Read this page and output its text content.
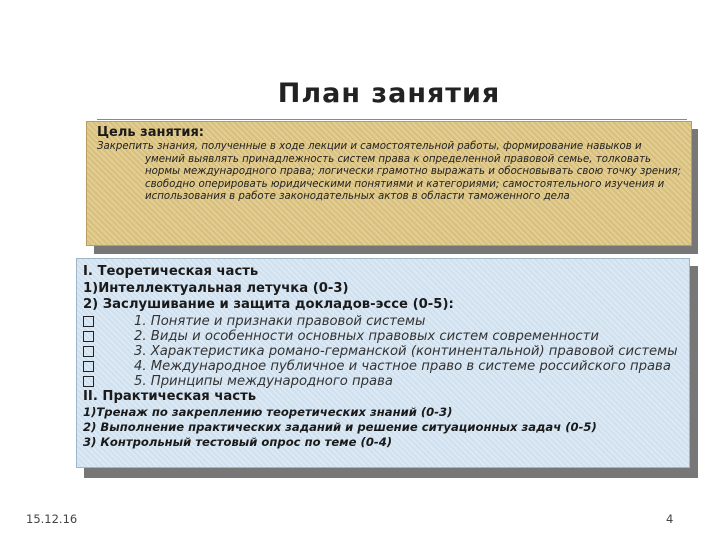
План занятия
Цель занятия:
Закрепить знания, полученные в ходе лекции и самостоятельной работы, формирование навыков и умений выявлять принадлежность систем права к определенной правовой семье, толковать нормы международного права; логически грамотно выражать и обосновывать свою точку зрения; свободно оперировать юридическими понятиями и категориями; самостоятельного изучения и использования в работе законодательных актов в области таможенного дела
I. Теоретическая часть
1)Интеллектуальная летучка (0-3)
2) Заслушивание и защита докладов-эссе (0-5):
1. Понятие и признаки правовой системы
2. Виды и особенности основных правовых систем современности
3. Характеристика романо-германской (континентальной) правовой системы
4. Международное публичное и частное право в системе российского права
5. Принципы международного права
II. Практическая часть
1)Тренаж по закреплению теоретических знаний (0-3)
2) Выполнение практических заданий и решение ситуационных задач (0-5)
3) Контрольный тестовый опрос по теме (0-4)
15.12.16	4
